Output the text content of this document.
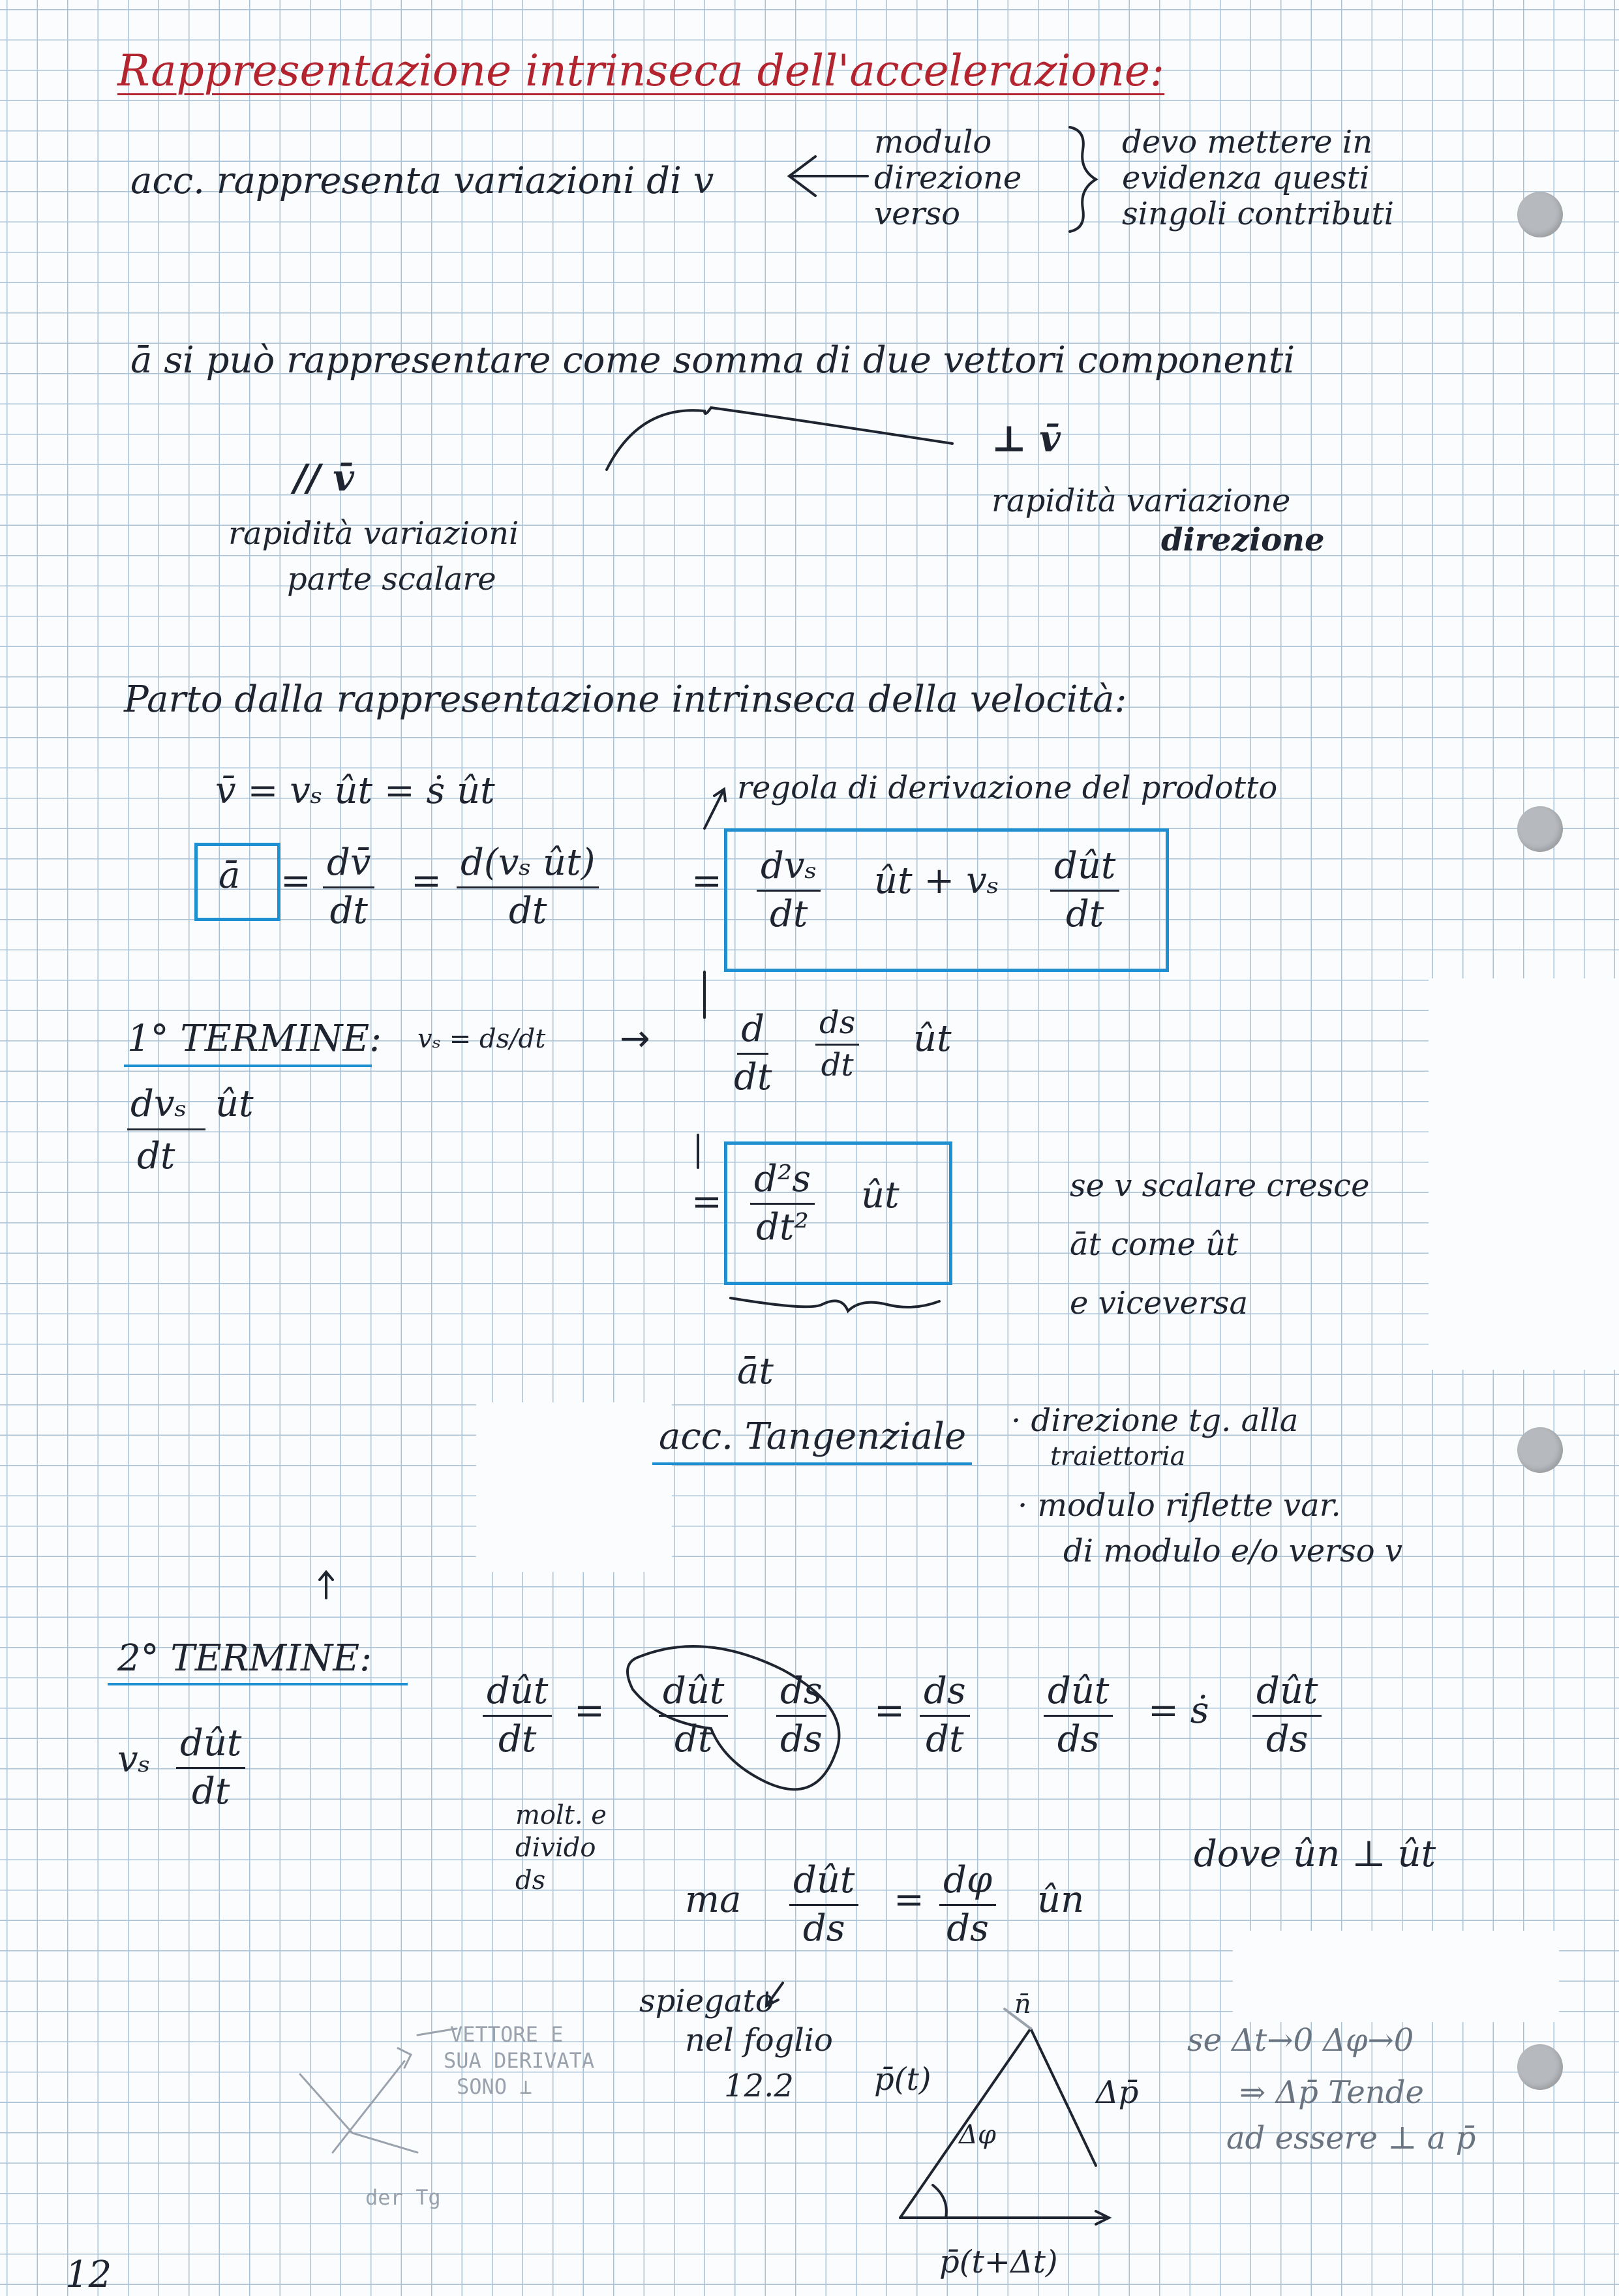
Rappresentazione intrinseca dell'accelerazione:
acc. rappresenta variazioni di v
modulo
direzione
verso
devo mettere in
evidenza questi
singoli contributi
ā si può rappresentare come somma di due vettori componenti
// v̄
rapidità variazioni
parte scalare
⊥ v̄
rapidità variazione
direzione
Parto dalla rappresentazione intrinseca della velocità:
v̄ = vₛ ût = ṡ ût	regola di derivazione del prodotto
ā = $\frac{dv̄}{dt} = \frac{\text{d(vₛ ût)}}{dt}$	= dvₛ
dt
ût + vₛ dût
dt
1° TERMINE: vₛ = ds/dt →
dvₛ ût
dt
$\frac{d}{dt} \frac{ds}{dt}$ ût
= $\frac{\text{d²s}}{\text{dt²}}$ ût
āt
acc. Tangenziale
se v scalare cresce
āt come ût
e viceversa
· direzione tg. alla
traiettoria
· modulo riflette var.
di modulo e/o verso v
2° TERMINE:
vₛ dût
dt
dût
dt
= dût
dt $\frac{ds}{ds} = \frac{ds}{dt}$ dût
ds
= ṡ dût
ds
molt. e
divido
ds	ma dût
ds
= $\frac{d\varphi}{ds}$ ûn
dove ûn ⊥ ût
spiegato
nel foglio
12.2
VETTORE E
SUA DERIVATA
SONO ⊥
der Tg
p̄(t)
p̄(t+Δt)
Δp̄
Δφ
n̄
se Δt→0 Δφ→0
⇒ Δp̄ Tende
ad essere ⊥ a p̄
12
